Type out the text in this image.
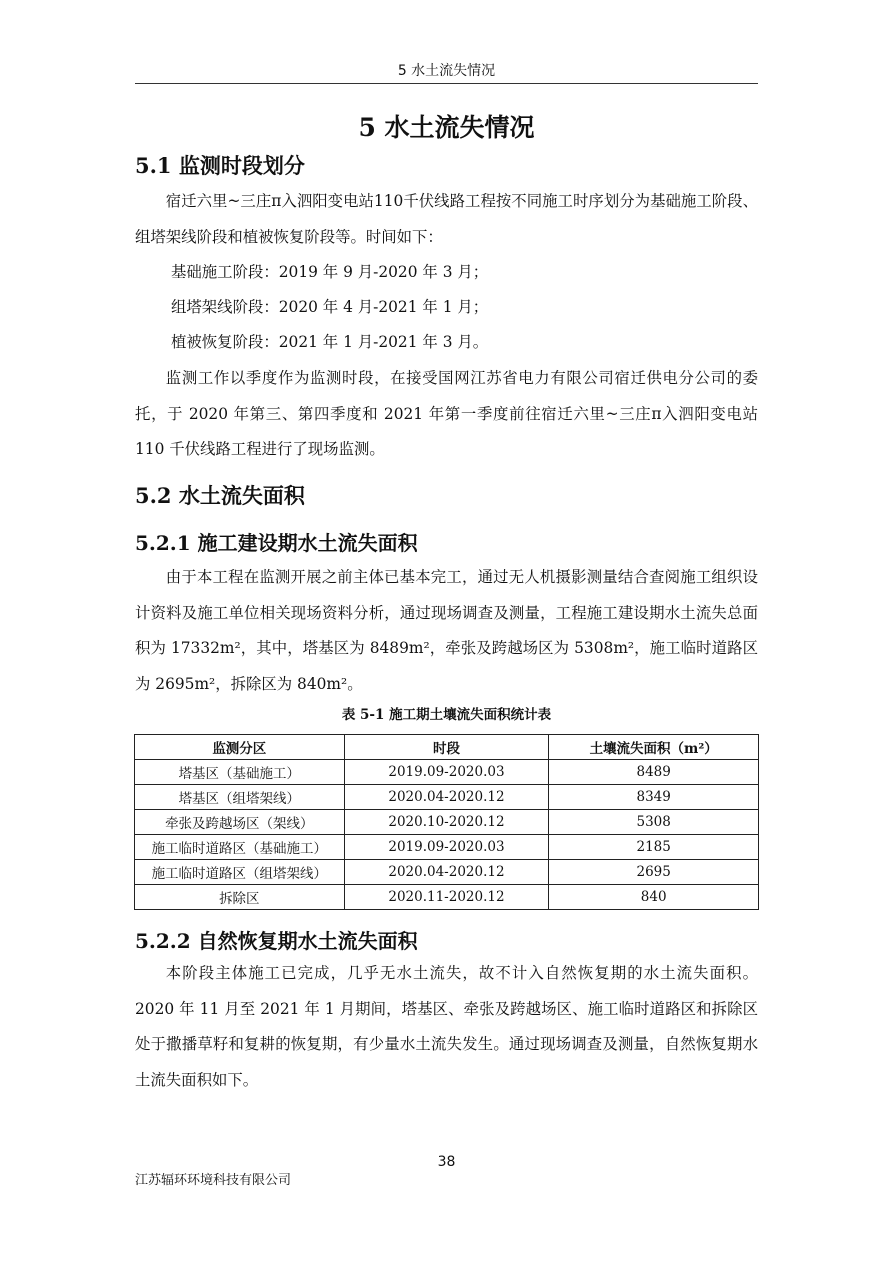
5 水土流失情况
5 水土流失情况
5.1 监测时段划分

宿迁六里~三庄π入泗阳变电站110千伏线路工程按不同施工时序划分为基础施工阶段、组塔架线阶段和植被恢复阶段等。时间如下：

基础施工阶段：2019 年 9 月-2020 年 3 月；

组塔架线阶段：2020 年 4 月-2021 年 1 月；

植被恢复阶段：2021 年 1 月-2021 年 3 月。

监测工作以季度作为监测时段，在接受国网江苏省电力有限公司宿迁供电分公司的委托，于 2020 年第三、第四季度和 2021 年第一季度前往宿迁六里~三庄π入泗阳变电站 110 千伏线路工程进行了现场监测。

5.2 水土流失面积
5.2.1 施工建设期水土流失面积

由于本工程在监测开展之前主体已基本完工，通过无人机摄影测量结合查阅施工组织设计资料及施工单位相关现场资料分析，通过现场调查及测量，工程施工建设期水土流失总面积为 17332m²，其中，塔基区为 8489m²，牵张及跨越场区为 5308m²，施工临时道路区为 2695m²，拆除区为 840m²。

表 5-1 施工期土壤流失面积统计表
监测分区	时段	土壤流失面积（m²）
塔基区（基础施工）	2019.09-2020.03	8489
塔基区（组塔架线）	2020.04-2020.12	8349
牵张及跨越场区（架线）	2020.10-2020.12	5308
施工临时道路区（基础施工）	2019.09-2020.03	2185
施工临时道路区（组塔架线）	2020.04-2020.12	2695
拆除区	2020.11-2020.12	840
5.2.2 自然恢复期水土流失面积

本阶段主体施工已完成，几乎无水土流失，故不计入自然恢复期的水土流失面积。2020 年 11 月至 2021 年 1 月期间，塔基区、牵张及跨越场区、施工临时道路区和拆除区处于撒播草籽和复耕的恢复期，有少量水土流失发生。通过现场调查及测量，自然恢复期水土流失面积如下。

38
江苏辐环环境科技有限公司
